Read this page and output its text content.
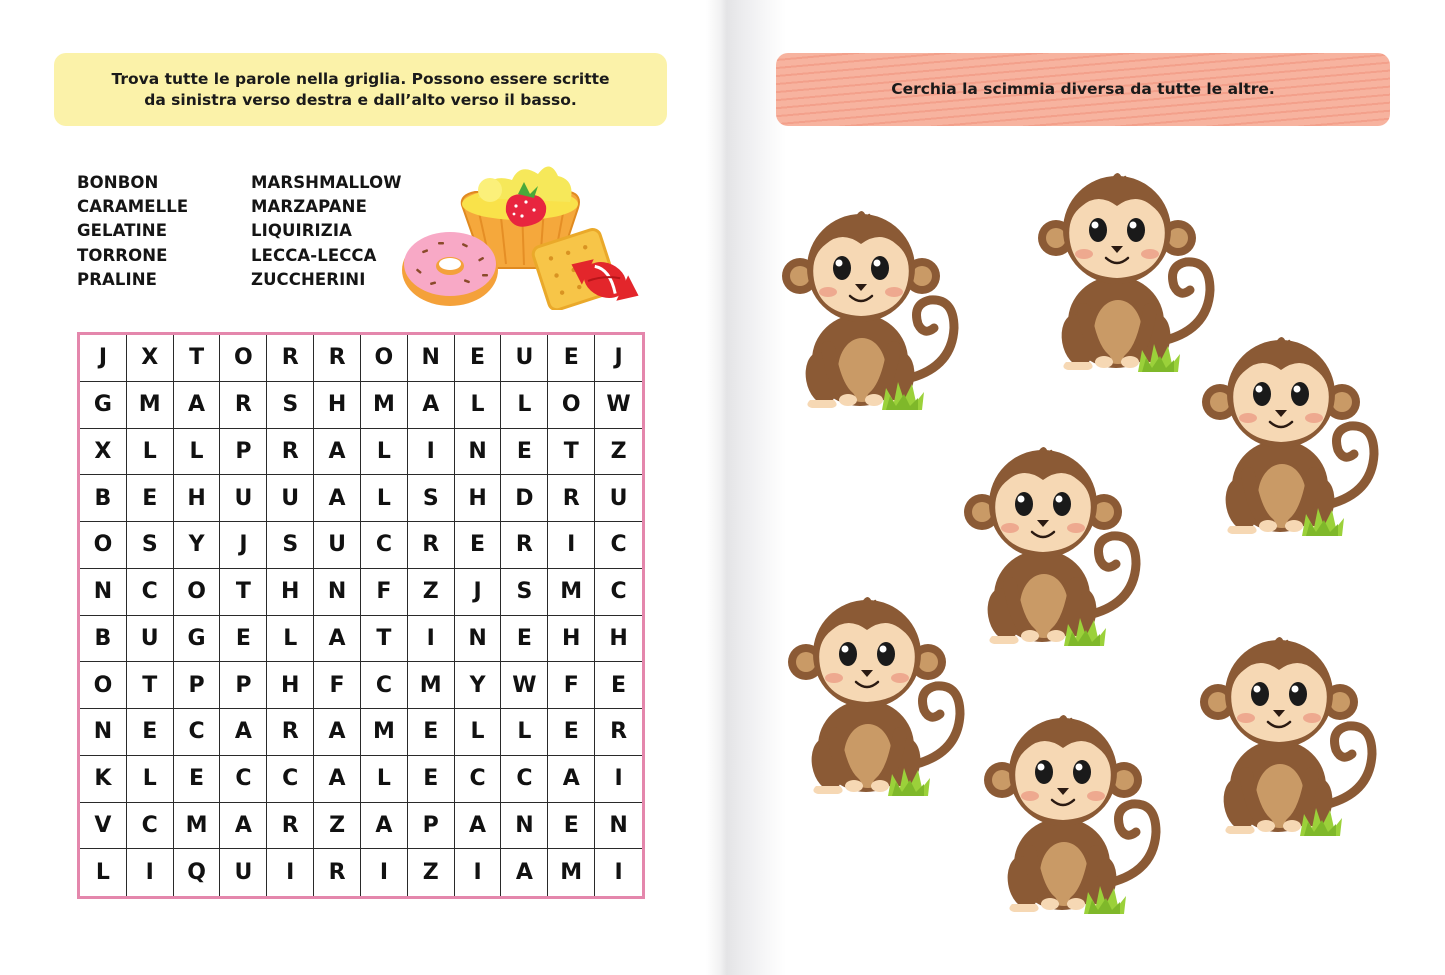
Trova tutte le parole nella griglia. Possono essere scritte
da sinistra verso destra e dall’alto verso il basso.
BONBON
CARAMELLE
GELATINE
TORRONE
PRALINE
MARSHMALLOW
MARZAPANE
LIQUIRIZIA
LECCA-LECCA
ZUCCHERINI
J	X	T	O	R	R	O	N	E	U	E	J
G	M	A	R	S	H	M	A	L	L	O	W
X	L	L	P	R	A	L	I	N	E	T	Z
B	E	H	U	U	A	L	S	H	D	R	U
O	S	Y	J	S	U	C	R	E	R	I	C
N	C	O	T	H	N	F	Z	J	S	M	C
B	U	G	E	L	A	T	I	N	E	H	H
O	T	P	P	H	F	C	M	Y	W	F	E
N	E	C	A	R	A	M	E	L	L	E	R
K	L	E	C	C	A	L	E	C	C	A	I
V	C	M	A	R	Z	A	P	A	N	E	N
L	I	Q	U	I	R	I	Z	I	A	M	I
Cerchia la scimmia diversa da tutte le altre.
